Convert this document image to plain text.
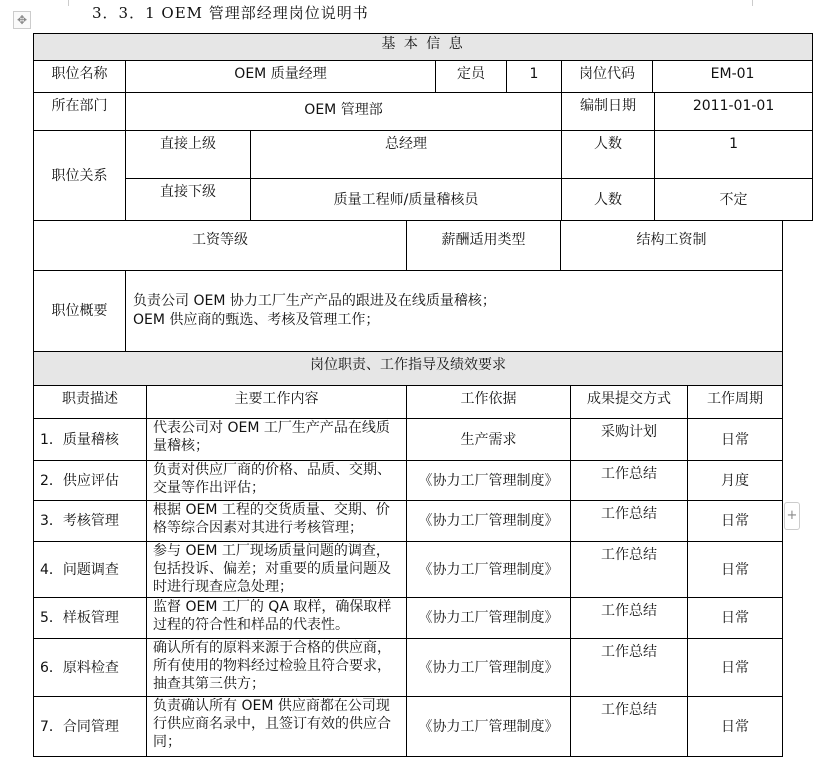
✥	3．3．1 OEM 管理部经理岗位说明书
基 本 信 息							
职位名称	OEM 质量经理		定员	1	岗位代码	EM-01	
所在部门	OEM 管理部				编制日期		2011-01-01
职位关系	直接上级	总经理			人数		1
	直接下级	质量工程师/质量稽核员			人数		不定
工资等级	薪酬适用类型	结构工资制
职位概要	
负责公司 OEM 协力工厂生产产品的跟进及在线质量稽核；
OEM 供应商的甄选、考核及管理工作；

岗位职责、工作指导及绩效要求
职责描述	主要工作内容	工作依据	成果提交方式	工作周期
1．质量稽核	代表公司对 OEM 工厂生产产品在线质量稽核；	生产需求	采购计划	日常
2．供应评估	负责对供应厂商的价格、品质、交期、交量等作出评估；	《协力工厂管理制度》	工作总结	月度
3．考核管理	根据 OEM 工程的交货质量、交期、价格等综合因素对其进行考核管理；	《协力工厂管理制度》	工作总结	日常
4．问题调查	参与 OEM 工厂现场质量问题的调查，包括投诉、偏差；对重要的质量问题及时进行现查应急处理；	《协力工厂管理制度》	工作总结	日常
5．样板管理	监督 OEM 工厂的 QA 取样，确保取样过程的符合性和样品的代表性。	《协力工厂管理制度》	工作总结	日常
6．原料检查	确认所有的原料来源于合格的供应商，所有使用的物料经过检验且符合要求，抽查其第三供方；	《协力工厂管理制度》	工作总结	日常
7．合同管理	负责确认所有 OEM 供应商都在公司现行供应商名录中，且签订有效的供应合同；	《协力工厂管理制度》	工作总结	日常
+
